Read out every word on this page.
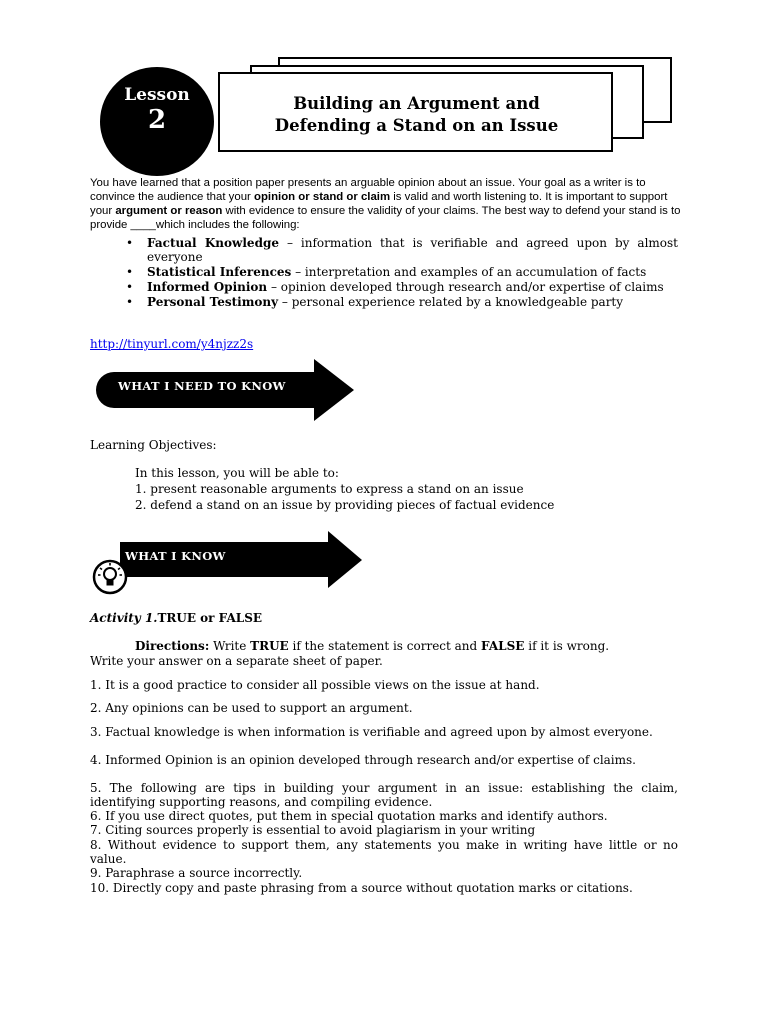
Lesson
2
Building an Argument and
Defending a Stand on an Issue
You have learned that a position paper presents an arguable opinion about an issue. Your goal as a writer is to convince the audience that your opinion or stand or claim is valid and worth listening to. It is important to support your argument or reason with evidence to ensure the validity of your claims. The best way to defend your stand is to provide ____which includes the following:
• Factual Knowledge – information that is verifiable and agreed upon by almost everyone
• Statistical Inferences – interpretation and examples of an accumulation of facts
• Informed Opinion – opinion developed through research and/or expertise of claims
• Personal Testimony – personal experience related by a knowledgeable party
http://tinyurl.com/y4njzz2s
WHAT I NEED TO KNOW
Learning Objectives:
In this lesson, you will be able to:
1. present reasonable arguments to express a stand on an issue
2. defend a stand on an issue by providing pieces of factual evidence
WHAT I KNOW
Activity 1.TRUE or FALSE
Directions: Write TRUE if the statement is correct and FALSE if it is wrong.
Write your answer on a separate sheet of paper.
1. It is a good practice to consider all possible views on the issue at hand.
2. Any opinions can be used to support an argument.
3. Factual knowledge is when information is verifiable and agreed upon by almost everyone.
4. Informed Opinion is an opinion developed through research and/or expertise of claims.
5. The following are tips in building your argument in an issue: establishing the claim, identifying supporting reasons, and compiling evidence.
6. If you use direct quotes, put them in special quotation marks and identify authors.
7. Citing sources properly is essential to avoid plagiarism in your writing
8. Without evidence to support them, any statements you make in writing have little or no value.
9. Paraphrase a source incorrectly.
10. Directly copy and paste phrasing from a source without quotation marks or citations.
